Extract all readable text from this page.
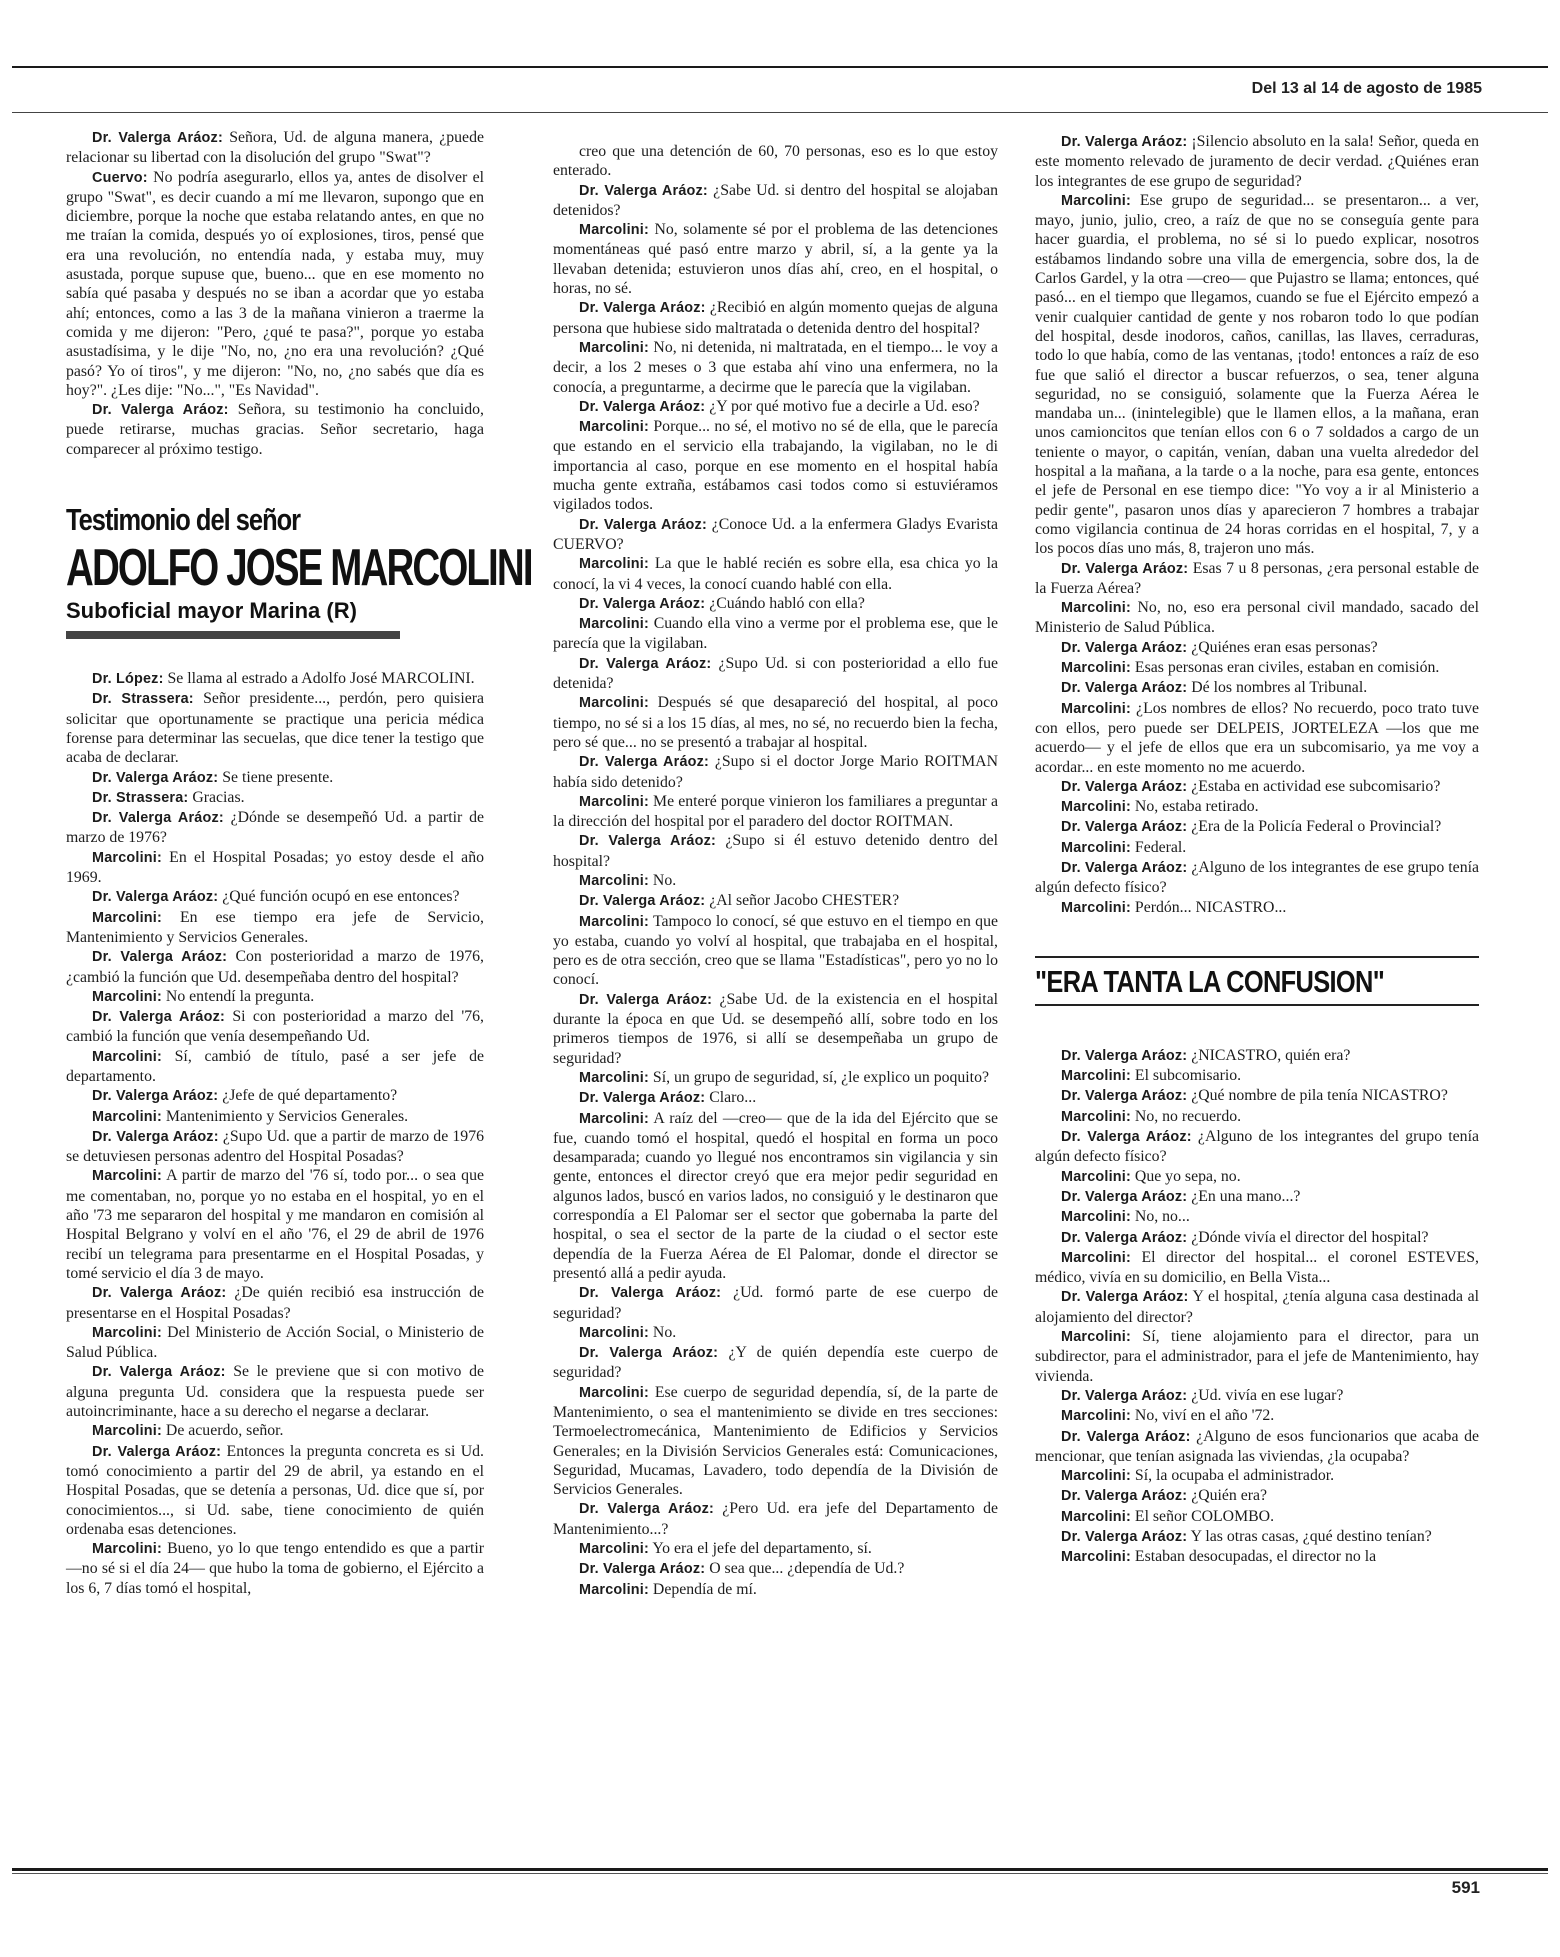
Del 13 al 14 de agosto de 1985

Dr. Valerga Aráoz: Señora, Ud. de alguna manera, ¿puede relacionar su libertad con la disolución del grupo "Swat"?

Cuervo: No podría asegurarlo, ellos ya, antes de disolver el grupo "Swat", es decir cuando a mí me llevaron, supongo que en diciembre, porque la noche que estaba relatando antes, en que no me traían la comida, después yo oí explosiones, tiros, pensé que era una revolución, no entendía nada, y estaba muy, muy asustada, porque supuse que, bueno... que en ese momento no sabía qué pasaba y después no se iban a acordar que yo estaba ahí; entonces, como a las 3 de la mañana vinieron a traerme la comida y me dijeron: "Pero, ¿qué te pasa?", porque yo estaba asustadísima, y le dije "No, no, ¿no era una revolución? ¿Qué pasó? Yo oí tiros", y me dijeron: "No, no, ¿no sabés que día es hoy?". ¿Les dije: "No...", "Es Navidad".

Dr. Valerga Aráoz: Señora, su testimonio ha concluido, puede retirarse, muchas gracias. Señor secretario, haga comparecer al próximo testigo.

Testimonio del señor
ADOLFO JOSE MARCOLINI
Suboficial mayor Marina (R)

Dr. López: Se llama al estrado a Adolfo José MARCOLINI.

Dr. Strassera: Señor presidente..., perdón, pero quisiera solicitar que oportunamente se practique una pericia médica forense para determinar las secuelas, que dice tener la testigo que acaba de declarar.

Dr. Valerga Aráoz: Se tiene presente.

Dr. Strassera: Gracias.

Dr. Valerga Aráoz: ¿Dónde se desempeñó Ud. a partir de marzo de 1976?

Marcolini: En el Hospital Posadas; yo estoy desde el año 1969.

Dr. Valerga Aráoz: ¿Qué función ocupó en ese entonces?

Marcolini: En ese tiempo era jefe de Servicio, Mantenimiento y Servicios Generales.

Dr. Valerga Aráoz: Con posterioridad a marzo de 1976, ¿cambió la función que Ud. desempeñaba dentro del hospital?

Marcolini: No entendí la pregunta.

Dr. Valerga Aráoz: Si con posterioridad a marzo del '76, cambió la función que venía desempeñando Ud.

Marcolini: Sí, cambió de título, pasé a ser jefe de departamento.

Dr. Valerga Aráoz: ¿Jefe de qué departamento?

Marcolini: Mantenimiento y Servicios Generales.

Dr. Valerga Aráoz: ¿Supo Ud. que a partir de marzo de 1976 se detuviesen personas adentro del Hospital Posadas?

Marcolini: A partir de marzo del '76 sí, todo por... o sea que me comentaban, no, porque yo no estaba en el hospital, yo en el año '73 me separaron del hospital y me mandaron en comisión al Hospital Belgrano y volví en el año '76, el 29 de abril de 1976 recibí un telegrama para presentarme en el Hospital Posadas, y tomé servicio el día 3 de mayo.

Dr. Valerga Aráoz: ¿De quién recibió esa instrucción de presentarse en el Hospital Posadas?

Marcolini: Del Ministerio de Acción Social, o Ministerio de Salud Pública.

Dr. Valerga Aráoz: Se le previene que si con motivo de alguna pregunta Ud. considera que la respuesta puede ser autoincriminante, hace a su derecho el negarse a declarar.

Marcolini: De acuerdo, señor.

Dr. Valerga Aráoz: Entonces la pregunta concreta es si Ud. tomó conocimiento a partir del 29 de abril, ya estando en el Hospital Posadas, que se detenía a personas, Ud. dice que sí, por conocimientos..., si Ud. sabe, tiene conocimiento de quién ordenaba esas detenciones.

Marcolini: Bueno, yo lo que tengo entendido es que a partir —no sé si el día 24— que hubo la toma de gobierno, el Ejército a los 6, 7 días tomó el hospital,

creo que una detención de 60, 70 personas, eso es lo que estoy enterado.

Dr. Valerga Aráoz: ¿Sabe Ud. si dentro del hospital se alojaban detenidos?

Marcolini: No, solamente sé por el problema de las detenciones momentáneas qué pasó entre marzo y abril, sí, a la gente ya la llevaban detenida; estuvieron unos días ahí, creo, en el hospital, o horas, no sé.

Dr. Valerga Aráoz: ¿Recibió en algún momento quejas de alguna persona que hubiese sido maltratada o detenida dentro del hospital?

Marcolini: No, ni detenida, ni maltratada, en el tiempo... le voy a decir, a los 2 meses o 3 que estaba ahí vino una enfermera, no la conocía, a preguntarme, a decirme que le parecía que la vigilaban.

Dr. Valerga Aráoz: ¿Y por qué motivo fue a decirle a Ud. eso?

Marcolini: Porque... no sé, el motivo no sé de ella, que le parecía que estando en el servicio ella trabajando, la vigilaban, no le di importancia al caso, porque en ese momento en el hospital había mucha gente extraña, estábamos casi todos como si estuviéramos vigilados todos.

Dr. Valerga Aráoz: ¿Conoce Ud. a la enfermera Gladys Evarista CUERVO?

Marcolini: La que le hablé recién es sobre ella, esa chica yo la conocí, la vi 4 veces, la conocí cuando hablé con ella.

Dr. Valerga Aráoz: ¿Cuándo habló con ella?

Marcolini: Cuando ella vino a verme por el problema ese, que le parecía que la vigilaban.

Dr. Valerga Aráoz: ¿Supo Ud. si con posterioridad a ello fue detenida?

Marcolini: Después sé que desapareció del hospital, al poco tiempo, no sé si a los 15 días, al mes, no sé, no recuerdo bien la fecha, pero sé que... no se presentó a trabajar al hospital.

Dr. Valerga Aráoz: ¿Supo si el doctor Jorge Mario ROITMAN había sido detenido?

Marcolini: Me enteré porque vinieron los familiares a preguntar a la dirección del hospital por el paradero del doctor ROITMAN.

Dr. Valerga Aráoz: ¿Supo si él estuvo detenido dentro del hospital?

Marcolini: No.

Dr. Valerga Aráoz: ¿Al señor Jacobo CHESTER?

Marcolini: Tampoco lo conocí, sé que estuvo en el tiempo en que yo estaba, cuando yo volví al hospital, que trabajaba en el hospital, pero es de otra sección, creo que se llama "Estadísticas", pero yo no lo conocí.

Dr. Valerga Aráoz: ¿Sabe Ud. de la existencia en el hospital durante la época en que Ud. se desempeñó allí, sobre todo en los primeros tiempos de 1976, si allí se desempeñaba un grupo de seguridad?

Marcolini: Sí, un grupo de seguridad, sí, ¿le explico un poquito?

Dr. Valerga Aráoz: Claro...

Marcolini: A raíz del —creo— que de la ida del Ejército que se fue, cuando tomó el hospital, quedó el hospital en forma un poco desamparada; cuando yo llegué nos encontramos sin vigilancia y sin gente, entonces el director creyó que era mejor pedir seguridad en algunos lados, buscó en varios lados, no consiguió y le destinaron que correspondía a El Palomar ser el sector que gobernaba la parte del hospital, o sea el sector de la parte de la ciudad o el sector este dependía de la Fuerza Aérea de El Palomar, donde el director se presentó allá a pedir ayuda.

Dr. Valerga Aráoz: ¿Ud. formó parte de ese cuerpo de seguridad?

Marcolini: No.

Dr. Valerga Aráoz: ¿Y de quién dependía este cuerpo de seguridad?

Marcolini: Ese cuerpo de seguridad dependía, sí, de la parte de Mantenimiento, o sea el mantenimiento se divide en tres secciones: Termoelectromecánica, Mantenimiento de Edificios y Servicios Generales; en la División Servicios Generales está: Comunicaciones, Seguridad, Mucamas, Lavadero, todo dependía de la División de Servicios Generales.

Dr. Valerga Aráoz: ¿Pero Ud. era jefe del Departamento de Mantenimiento...?

Marcolini: Yo era el jefe del departamento, sí.

Dr. Valerga Aráoz: O sea que... ¿dependía de Ud.?

Marcolini: Dependía de mí.

Dr. Valerga Aráoz: ¡Silencio absoluto en la sala! Señor, queda en este momento relevado de juramento de decir verdad. ¿Quiénes eran los integrantes de ese grupo de seguridad?

Marcolini: Ese grupo de seguridad... se presentaron... a ver, mayo, junio, julio, creo, a raíz de que no se conseguía gente para hacer guardia, el problema, no sé si lo puedo explicar, nosotros estábamos lindando sobre una villa de emergencia, sobre dos, la de Carlos Gardel, y la otra —creo— que Pujastro se llama; entonces, qué pasó... en el tiempo que llegamos, cuando se fue el Ejército empezó a venir cualquier cantidad de gente y nos robaron todo lo que podían del hospital, desde inodoros, caños, canillas, las llaves, cerraduras, todo lo que había, como de las ventanas, ¡todo! entonces a raíz de eso fue que salió el director a buscar refuerzos, o sea, tener alguna seguridad, no se consiguió, solamente que la Fuerza Aérea le mandaba un... (inintelegible) que le llamen ellos, a la mañana, eran unos camioncitos que tenían ellos con 6 o 7 soldados a cargo de un teniente o mayor, o capitán, venían, daban una vuelta alrededor del hospital a la mañana, a la tarde o a la noche, para esa gente, entonces el jefe de Personal en ese tiempo dice: "Yo voy a ir al Ministerio a pedir gente", pasaron unos días y aparecieron 7 hombres a trabajar como vigilancia continua de 24 horas corridas en el hospital, 7, y a los pocos días uno más, 8, trajeron uno más.

Dr. Valerga Aráoz: Esas 7 u 8 personas, ¿era personal estable de la Fuerza Aérea?

Marcolini: No, no, eso era personal civil mandado, sacado del Ministerio de Salud Pública.

Dr. Valerga Aráoz: ¿Quiénes eran esas personas?

Marcolini: Esas personas eran civiles, estaban en comisión.

Dr. Valerga Aráoz: Dé los nombres al Tribunal.

Marcolini: ¿Los nombres de ellos? No recuerdo, poco trato tuve con ellos, pero puede ser DELPEIS, JORTELEZA —los que me acuerdo— y el jefe de ellos que era un subcomisario, ya me voy a acordar... en este momento no me acuerdo.

Dr. Valerga Aráoz: ¿Estaba en actividad ese subcomisario?

Marcolini: No, estaba retirado.

Dr. Valerga Aráoz: ¿Era de la Policía Federal o Provincial?

Marcolini: Federal.

Dr. Valerga Aráoz: ¿Alguno de los integrantes de ese grupo tenía algún defecto físico?

Marcolini: Perdón... NICASTRO...

"ERA TANTA LA CONFUSION"

Dr. Valerga Aráoz: ¿NICASTRO, quién era?

Marcolini: El subcomisario.

Dr. Valerga Aráoz: ¿Qué nombre de pila tenía NICASTRO?

Marcolini: No, no recuerdo.

Dr. Valerga Aráoz: ¿Alguno de los integrantes del grupo tenía algún defecto físico?

Marcolini: Que yo sepa, no.

Dr. Valerga Aráoz: ¿En una mano...?

Marcolini: No, no...

Dr. Valerga Aráoz: ¿Dónde vivía el director del hospital?

Marcolini: El director del hospital... el coronel ESTEVES, médico, vivía en su domicilio, en Bella Vista...

Dr. Valerga Aráoz: Y el hospital, ¿tenía alguna casa destinada al alojamiento del director?

Marcolini: Sí, tiene alojamiento para el director, para un subdirector, para el administrador, para el jefe de Mantenimiento, hay vivienda.

Dr. Valerga Aráoz: ¿Ud. vivía en ese lugar?

Marcolini: No, viví en el año '72.

Dr. Valerga Aráoz: ¿Alguno de esos funcionarios que acaba de mencionar, que tenían asignada las viviendas, ¿la ocupaba?

Marcolini: Sí, la ocupaba el administrador.

Dr. Valerga Aráoz: ¿Quién era?

Marcolini: El señor COLOMBO.

Dr. Valerga Aráoz: Y las otras casas, ¿qué destino tenían?

Marcolini: Estaban desocupadas, el director no la

591
